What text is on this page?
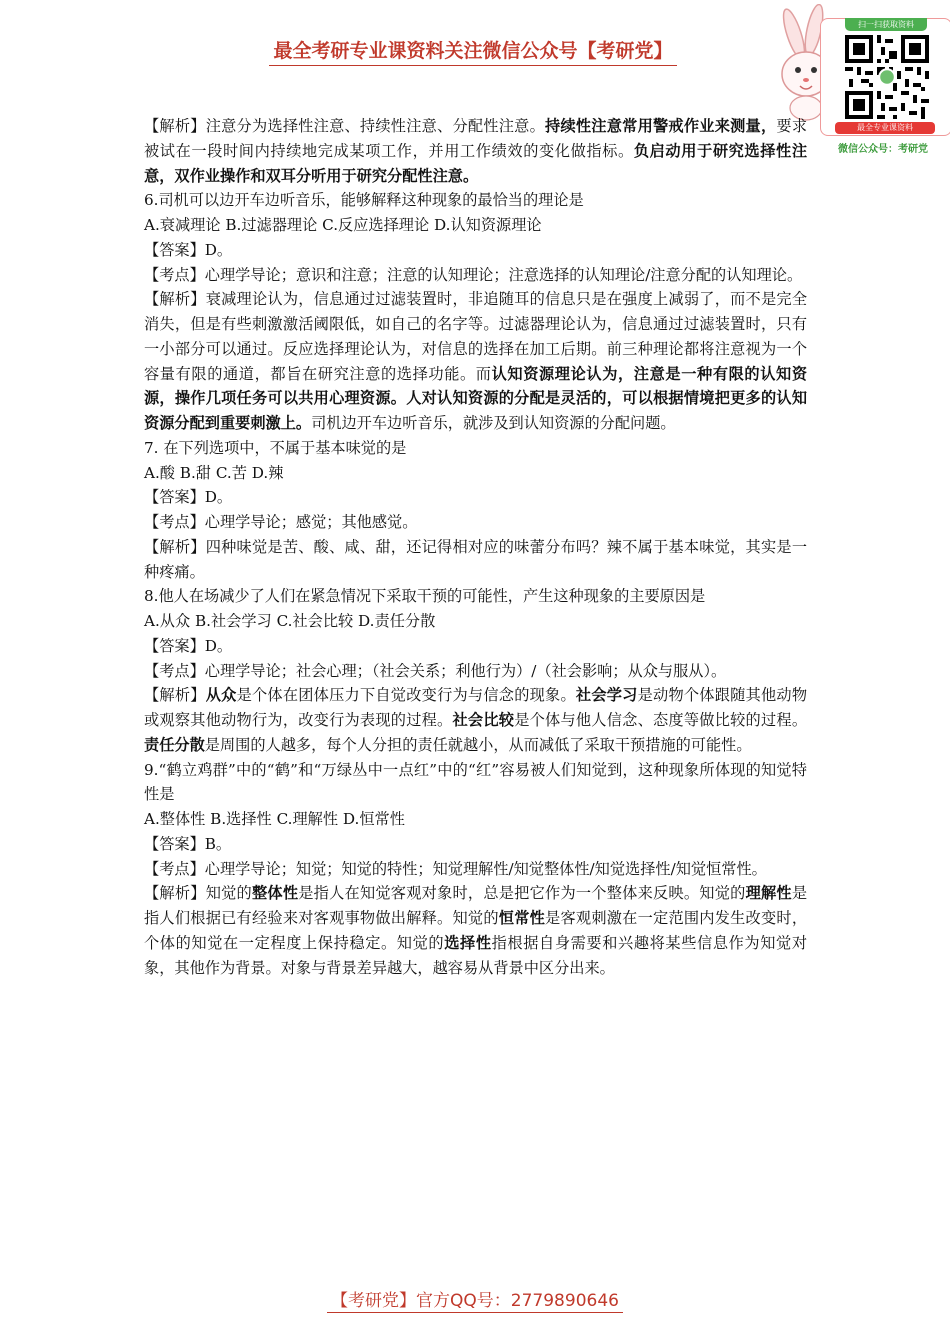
最全考研专业课资料关注微信公众号【考研党】
扫一扫获取资料
最全专业课资料
微信公众号：考研党

【解析】注意分为选择性注意、持续性注意、分配性注意。持续性注意常用警戒作业来测量，要求被试在一段时间内持续地完成某项工作，并用工作绩效的变化做指标。负启动用于研究选择性注意，双作业操作和双耳分听用于研究分配性注意。

6.司机可以边开车边听音乐，能够解释这种现象的最恰当的理论是

A.衰减理论 B.过滤器理论 C.反应选择理论 D.认知资源理论

【答案】D。

【考点】心理学导论；意识和注意；注意的认知理论；注意选择的认知理论/注意分配的认知理论。

【解析】衰减理论认为，信息通过过滤装置时，非追随耳的信息只是在强度上减弱了，而不是完全消失，但是有些刺激激活阈限低，如自己的名字等。过滤器理论认为，信息通过过滤装置时，只有一小部分可以通过。反应选择理论认为，对信息的选择在加工后期。前三种理论都将注意视为一个容量有限的通道，都旨在研究注意的选择功能。而认知资源理论认为，注意是一种有限的认知资源，操作几项任务可以共用心理资源。人对认知资源的分配是灵活的，可以根据情境把更多的认知资源分配到重要刺激上。司机边开车边听音乐，就涉及到认知资源的分配问题。

7. 在下列选项中，不属于基本味觉的是

A.酸 B.甜 C.苦 D.辣

【答案】D。

【考点】心理学导论；感觉；其他感觉。

【解析】四种味觉是苦、酸、咸、甜，还记得相对应的味蕾分布吗？辣不属于基本味觉，其实是一种疼痛。

8.他人在场减少了人们在紧急情况下采取干预的可能性，产生这种现象的主要原因是

A.从众 B.社会学习 C.社会比较 D.责任分散

【答案】D。

【考点】心理学导论；社会心理；（社会关系；利他行为）/（社会影响；从众与服从）。

【解析】从众是个体在团体压力下自觉改变行为与信念的现象。社会学习是动物个体跟随其他动物或观察其他动物行为，改变行为表现的过程。社会比较是个体与他人信念、态度等做比较的过程。责任分散是周围的人越多，每个人分担的责任就越小，从而减低了采取干预措施的可能性。

9.“鹤立鸡群”中的“鹤”和“万绿丛中一点红”中的“红”容易被人们知觉到，这种现象所体现的知觉特性是

A.整体性 B.选择性 C.理解性 D.恒常性

【答案】B。

【考点】心理学导论；知觉；知觉的特性；知觉理解性/知觉整体性/知觉选择性/知觉恒常性。

【解析】知觉的整体性是指人在知觉客观对象时，总是把它作为一个整体来反映。知觉的理解性是指人们根据已有经验来对客观事物做出解释。知觉的恒常性是客观刺激在一定范围内发生改变时，个体的知觉在一定程度上保持稳定。知觉的选择性指根据自身需要和兴趣将某些信息作为知觉对象，其他作为背景。对象与背景差异越大，越容易从背景中区分出来。

【考研党】官方QQ号：2779890646
